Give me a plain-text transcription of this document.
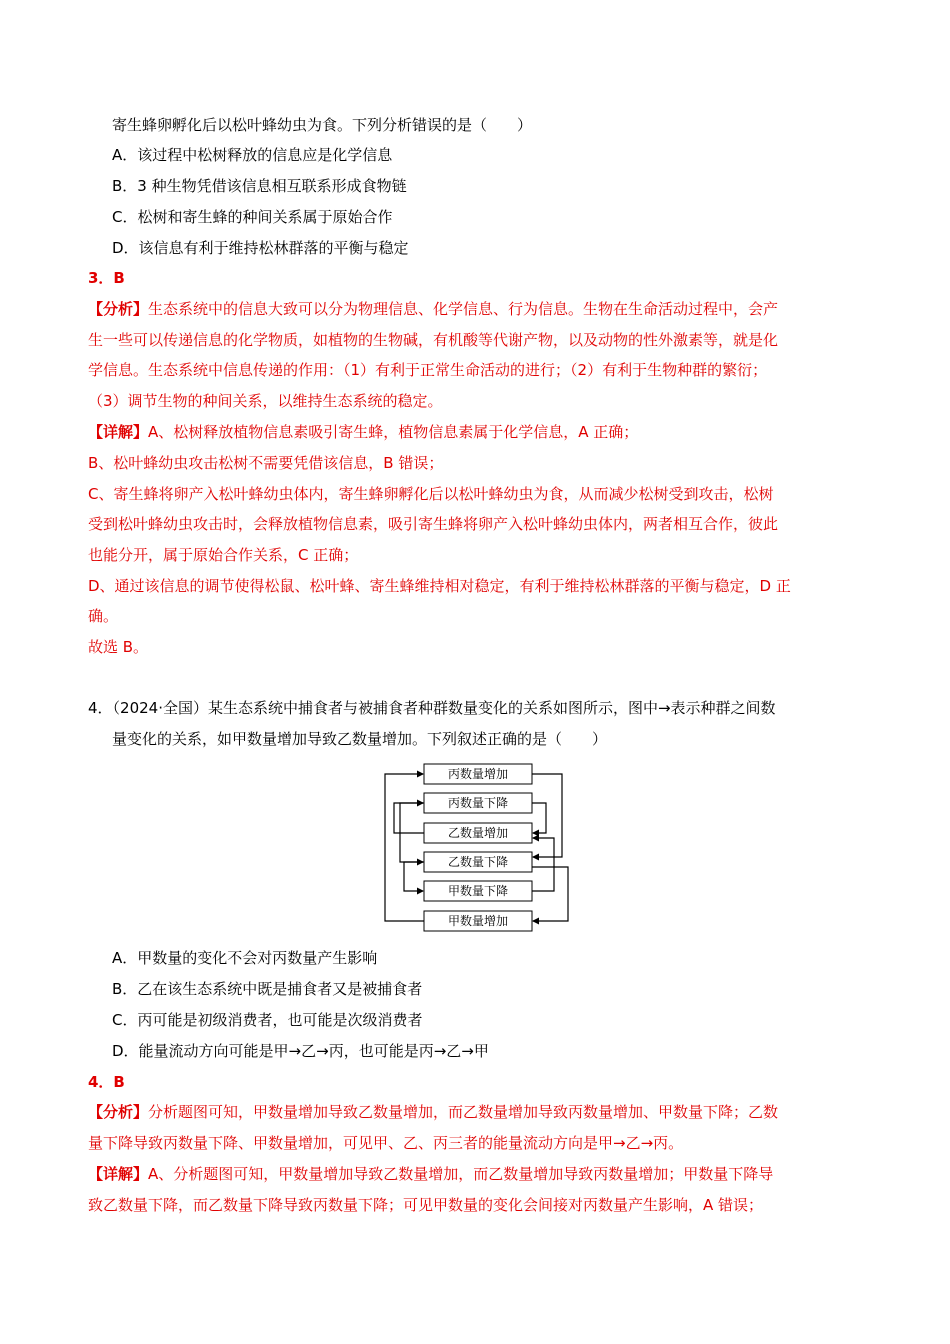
寄生蜂卵孵化后以松叶蜂幼虫为食。下列分析错误的是（　　）
A．该过程中松树释放的信息应是化学信息
B．3 种生物凭借该信息相互联系形成食物链
C．松树和寄生蜂的种间关系属于原始合作
D．该信息有利于维持松林群落的平衡与稳定
3．B
【分析】生态系统中的信息大致可以分为物理信息、化学信息、行为信息。生物在生命活动过程中，会产
生一些可以传递信息的化学物质，如植物的生物碱，有机酸等代谢产物，以及动物的性外激素等，就是化
学信息。生态系统中信息传递的作用：（1）有利于正常生命活动的进行；（2）有利于生物种群的繁衍；
（3）调节生物的种间关系，以维持生态系统的稳定。
【详解】A、松树释放植物信息素吸引寄生蜂，植物信息素属于化学信息，A 正确；
B、松叶蜂幼虫攻击松树不需要凭借该信息，B 错误；
C、寄生蜂将卵产入松叶蜂幼虫体内，寄生蜂卵孵化后以松叶蜂幼虫为食，从而减少松树受到攻击，松树
受到松叶蜂幼虫攻击时，会释放植物信息素，吸引寄生蜂将卵产入松叶蜂幼虫体内，两者相互合作，彼此
也能分开，属于原始合作关系，C 正确；
D、通过该信息的调节使得松鼠、松叶蜂、寄生蜂维持相对稳定，有利于维持松林群落的平衡与稳定，D 正
确。
故选 B。
4．（2024·全国）某生态系统中捕食者与被捕食者种群数量变化的关系如图所示，图中→表示种群之间数
量变化的关系，如甲数量增加导致乙数量增加。下列叙述正确的是（　　）
丙数量增加
丙数量下降
乙数量增加
乙数量下降
甲数量下降
甲数量增加
A．甲数量的变化不会对丙数量产生影响
B．乙在该生态系统中既是捕食者又是被捕食者
C．丙可能是初级消费者，也可能是次级消费者
D．能量流动方向可能是甲→乙→丙，也可能是丙→乙→甲
4．B
【分析】分析题图可知，甲数量增加导致乙数量增加，而乙数量增加导致丙数量增加、甲数量下降；乙数
量下降导致丙数量下降、甲数量增加，可见甲、乙、丙三者的能量流动方向是甲→乙→丙。
【详解】A、分析题图可知，甲数量增加导致乙数量增加，而乙数量增加导致丙数量增加；甲数量下降导
致乙数量下降，而乙数量下降导致丙数量下降；可见甲数量的变化会间接对丙数量产生影响，A 错误；
